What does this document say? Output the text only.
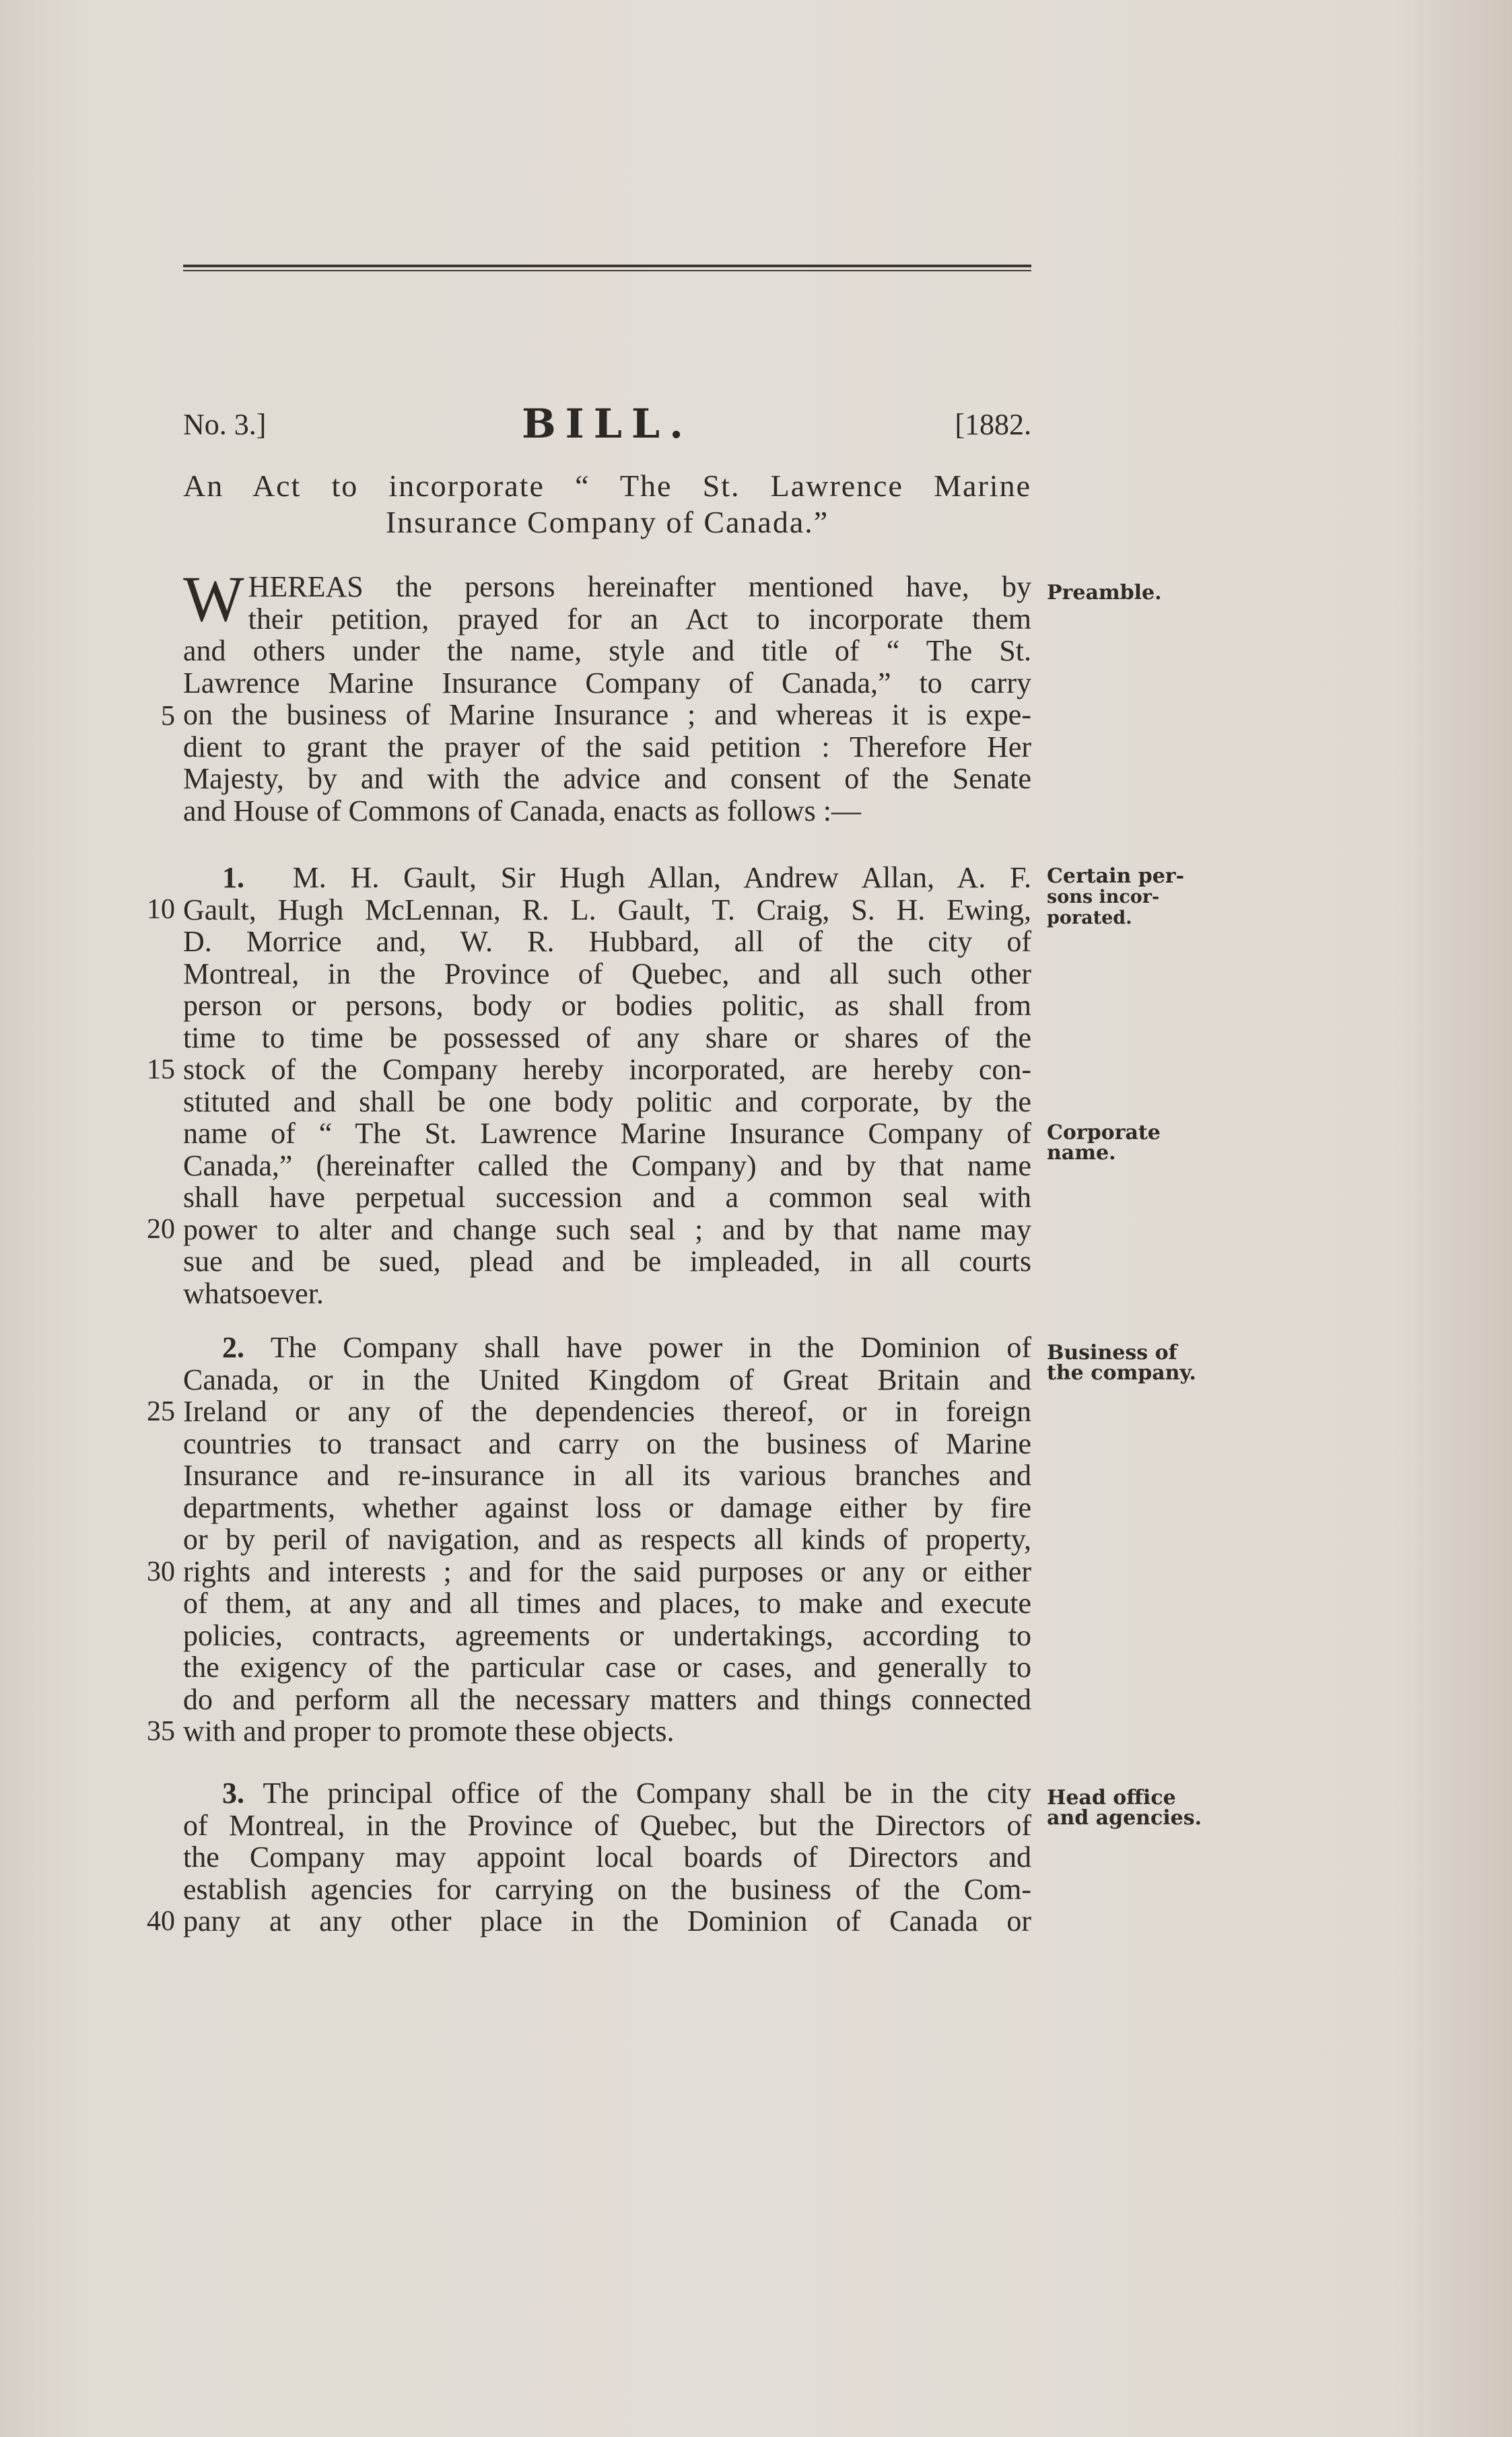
No. 3.]	BILL.	[1882.
An Act to incorporate “ The St. Lawrence Marine
Insurance Company of Canada.”
W HEREAS the persons hereinafter mentioned have, by
their petition, prayed for an Act to incorporate them
and others under the name, style and title of “ The St.
Lawrence Marine Insurance Company of Canada,” to carry
on the business of Marine Insurance ; and whereas it is expe-
dient to grant the prayer of the said petition : Therefore Her
Majesty, by and with the advice and consent of the Senate
and House of Commons of Canada, enacts as follows :—
1. M. H. Gault, Sir Hugh Allan, Andrew Allan, A. F.
Gault, Hugh McLennan, R. L. Gault, T. Craig, S. H. Ewing,
D. Morrice and, W. R. Hubbard, all of the city of
Montreal, in the Province of Quebec, and all such other
person or persons, body or bodies politic, as shall from
time to time be possessed of any share or shares of the
stock of the Company hereby incorporated, are hereby con-
stituted and shall be one body politic and corporate, by the
name of “ The St. Lawrence Marine Insurance Company of
Canada,” (hereinafter called the Company) and by that name
shall have perpetual succession and a common seal with
power to alter and change such seal ; and by that name may
sue and be sued, plead and be impleaded, in all courts
whatsoever.
2. The Company shall have power in the Dominion of
Canada, or in the United Kingdom of Great Britain and
Ireland or any of the dependencies thereof, or in foreign
countries to transact and carry on the business of Marine
Insurance and re-insurance in all its various branches and
departments, whether against loss or damage either by fire
or by peril of navigation, and as respects all kinds of property,
rights and interests ; and for the said purposes or any or either
of them, at any and all times and places, to make and execute
policies, contracts, agreements or undertakings, according to
the exigency of the particular case or cases, and generally to
do and perform all the necessary matters and things connected
with and proper to promote these objects.
3. The principal office of the Company shall be in the city
of Montreal, in the Province of Quebec, but the Directors of
the Company may appoint local boards of Directors and
establish agencies for carrying on the business of the Com-
pany at any other place in the Dominion of Canada or
5
10
15
20
25
30
35
40
Preamble.
Certain per-
sons incor-
porated.
Corporate
name.
Business of
the company.
Head office
and agencies.
